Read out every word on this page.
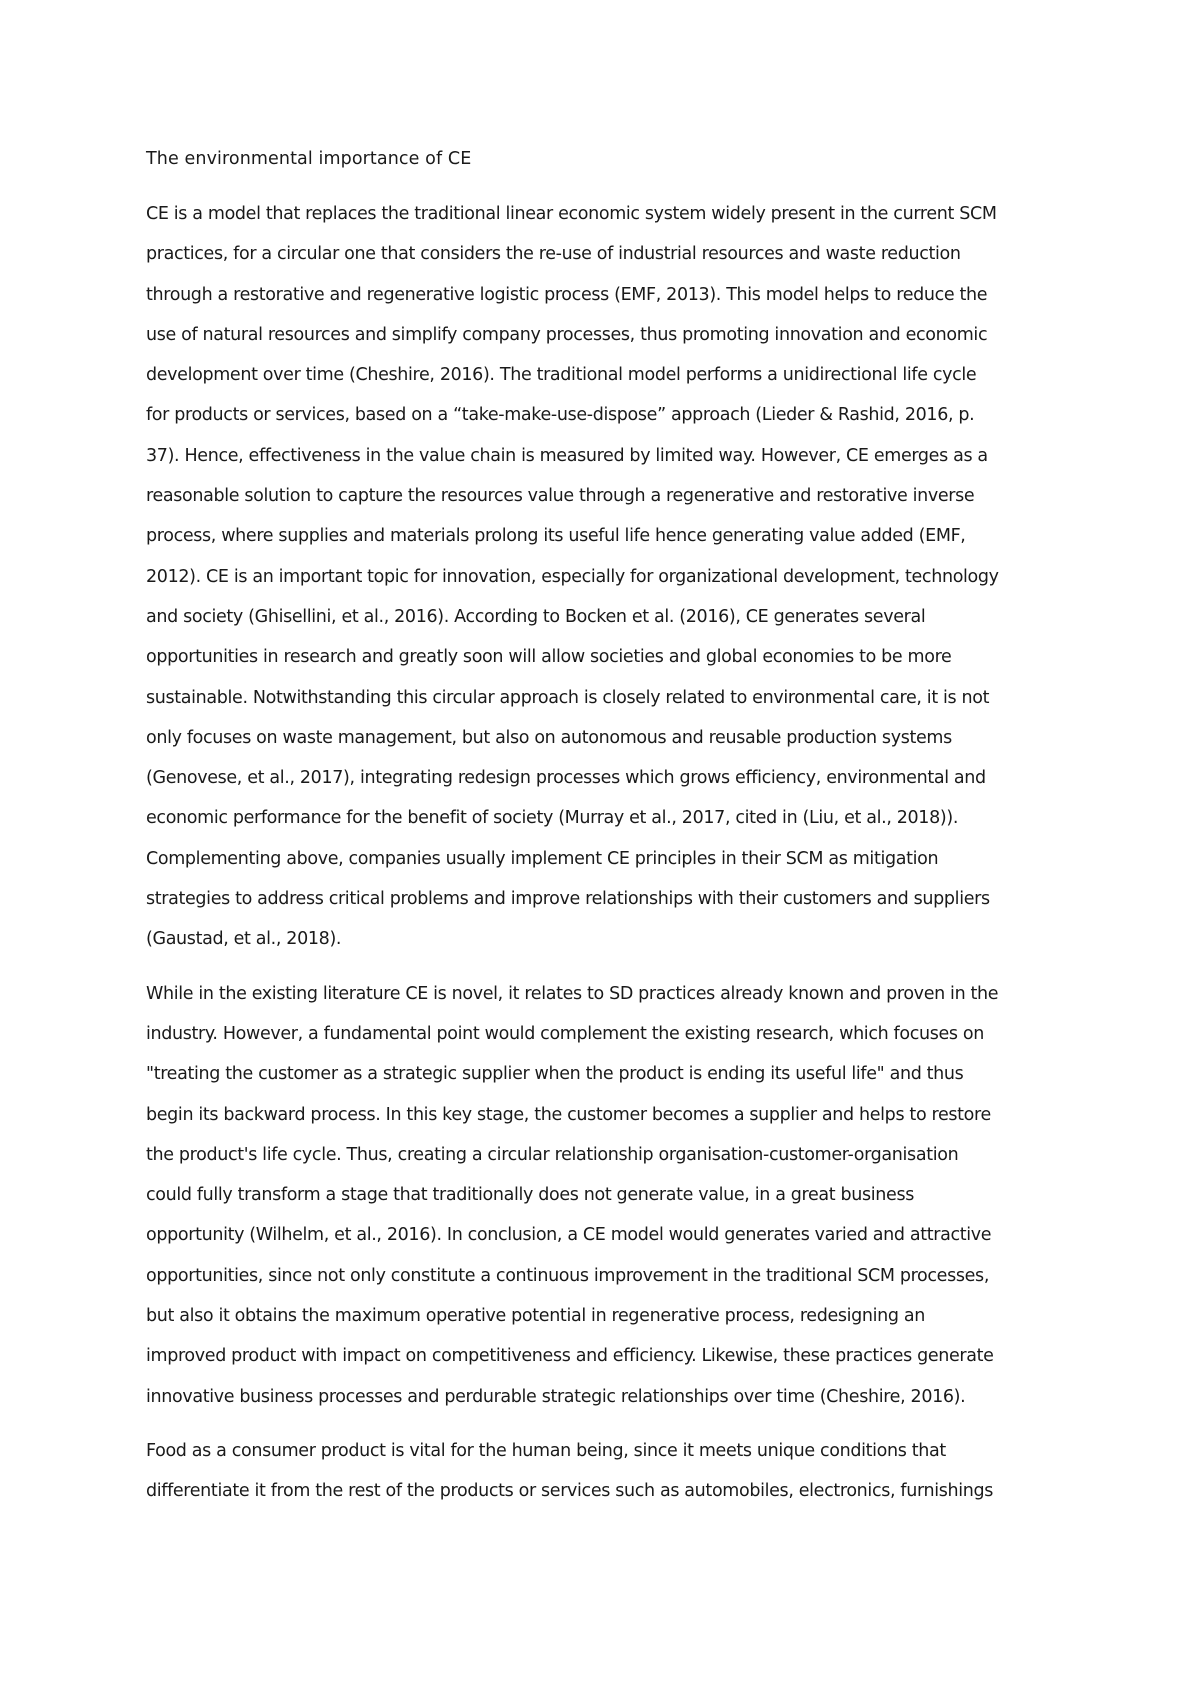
The environmental importance of CE
CE is a model that replaces the traditional linear economic system widely present in the current SCM
practices, for a circular one that considers the re-use of industrial resources and waste reduction
through a restorative and regenerative logistic process (EMF, 2013). This model helps to reduce the
use of natural resources and simplify company processes, thus promoting innovation and economic
development over time (Cheshire, 2016). The traditional model performs a unidirectional life cycle
for products or services, based on a “take-make-use-dispose” approach (Lieder & Rashid, 2016, p.
37). Hence, effectiveness in the value chain is measured by limited way. However, CE emerges as a
reasonable solution to capture the resources value through a regenerative and restorative inverse
process, where supplies and materials prolong its useful life hence generating value added (EMF,
2012). CE is an important topic for innovation, especially for organizational development, technology
and society (Ghisellini, et al., 2016). According to Bocken et al. (2016), CE generates several
opportunities in research and greatly soon will allow societies and global economies to be more
sustainable. Notwithstanding this circular approach is closely related to environmental care, it is not
only focuses on waste management, but also on autonomous and reusable production systems
(Genovese, et al., 2017), integrating redesign processes which grows efficiency, environmental and
economic performance for the benefit of society (Murray et al., 2017, cited in (Liu, et al., 2018)).
Complementing above, companies usually implement CE principles in their SCM as mitigation
strategies to address critical problems and improve relationships with their customers and suppliers
(Gaustad, et al., 2018).
While in the existing literature CE is novel, it relates to SD practices already known and proven in the
industry. However, a fundamental point would complement the existing research, which focuses on
"treating the customer as a strategic supplier when the product is ending its useful life" and thus
begin its backward process. In this key stage, the customer becomes a supplier and helps to restore
the product's life cycle. Thus, creating a circular relationship organisation-customer-organisation
could fully transform a stage that traditionally does not generate value, in a great business
opportunity (Wilhelm, et al., 2016). In conclusion, a CE model would generates varied and attractive
opportunities, since not only constitute a continuous improvement in the traditional SCM processes,
but also it obtains the maximum operative potential in regenerative process, redesigning an
improved product with impact on competitiveness and efficiency. Likewise, these practices generate
innovative business processes and perdurable strategic relationships over time (Cheshire, 2016).
Food as a consumer product is vital for the human being, since it meets unique conditions that
differentiate it from the rest of the products or services such as automobiles, electronics, furnishings
